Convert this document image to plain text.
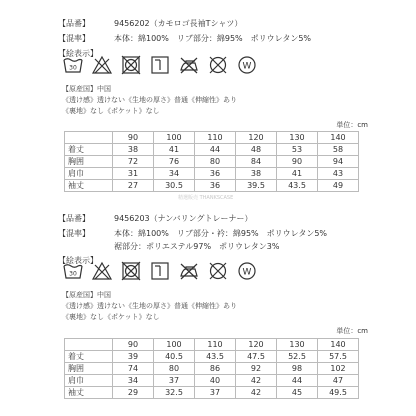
【品番】	9456202（カモロゴ長袖Tシャツ）
【混率】	本体：綿100%　リブ部分：綿95%　ポリウレタン5%
【絵表示】
30	W
【原産国】中国
《透け感》透けない《生地の厚さ》普通《伸縮性》あり
《裏地》なし《ポケット》なし
単位：cm
	90	100	110	120	130	140
着丈	38	41	44	48	53	58
胸囲	72	76	80	84	90	94
肩巾	31	34	36	38	41	43
袖丈	27	30.5	36	39.5	43.5	49
精選販売 THANKSCASE
【品番】	9456203（ナンバリングトレーナー）
【混率】	本体：綿100%　リブ部分・衿：綿95%　ポリウレタン5%
裾部分：ポリエステル97%　ポリウレタン3%
【絵表示】
30	W
【原産国】中国
《透け感》透けない《生地の厚さ》普通《伸縮性》あり
《裏地》なし《ポケット》なし
単位：cm
	90	100	110	120	130	140
着丈	39	40.5	43.5	47.5	52.5	57.5
胸囲	74	80	86	92	98	102
肩巾	34	37	40	42	44	47
袖丈	29	32.5	37	42	45	49.5
